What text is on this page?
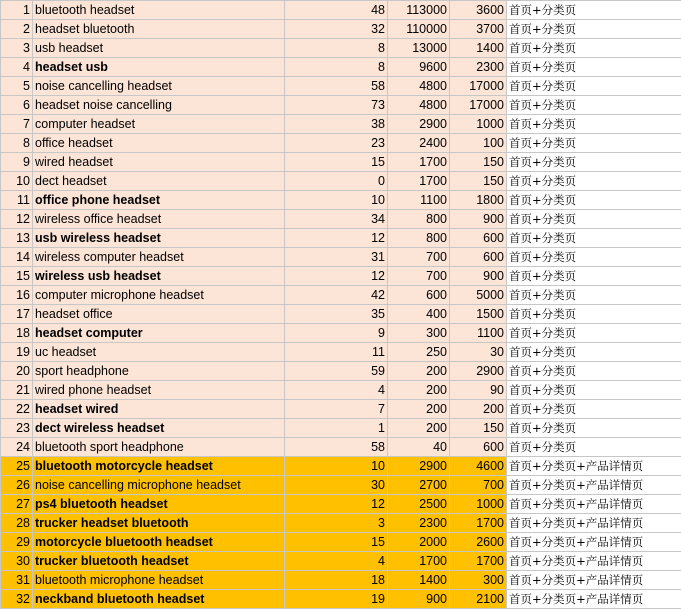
1	bluetooth headset	48	113000	3600	首页+分类页
2	headset bluetooth	32	110000	3700	首页+分类页
3	usb headset	8	13000	1400	首页+分类页
4	headset usb	8	9600	2300	首页+分类页
5	noise cancelling headset	58	4800	17000	首页+分类页
6	headset noise cancelling	73	4800	17000	首页+分类页
7	computer headset	38	2900	1000	首页+分类页
8	office headset	23	2400	100	首页+分类页
9	wired headset	15	1700	150	首页+分类页
10	dect headset	0	1700	150	首页+分类页
11	office phone headset	10	1100	1800	首页+分类页
12	wireless office headset	34	800	900	首页+分类页
13	usb wireless headset	12	800	600	首页+分类页
14	wireless computer headset	31	700	600	首页+分类页
15	wireless usb headset	12	700	900	首页+分类页
16	computer microphone headset	42	600	5000	首页+分类页
17	headset office	35	400	1500	首页+分类页
18	headset computer	9	300	1100	首页+分类页
19	uc headset	11	250	30	首页+分类页
20	sport headphone	59	200	2900	首页+分类页
21	wired phone headset	4	200	90	首页+分类页
22	headset wired	7	200	200	首页+分类页
23	dect wireless headset	1	200	150	首页+分类页
24	bluetooth sport headphone	58	40	600	首页+分类页
25	bluetooth motorcycle headset	10	2900	4600	首页+分类页+产品详情页
26	noise cancelling microphone headset	30	2700	700	首页+分类页+产品详情页
27	ps4 bluetooth headset	12	2500	1000	首页+分类页+产品详情页
28	trucker headset bluetooth	3	2300	1700	首页+分类页+产品详情页
29	motorcycle bluetooth headset	15	2000	2600	首页+分类页+产品详情页
30	trucker bluetooth headset	4	1700	1700	首页+分类页+产品详情页
31	bluetooth microphone headset	18	1400	300	首页+分类页+产品详情页
32	neckband bluetooth headset	19	900	2100	首页+分类页+产品详情页
